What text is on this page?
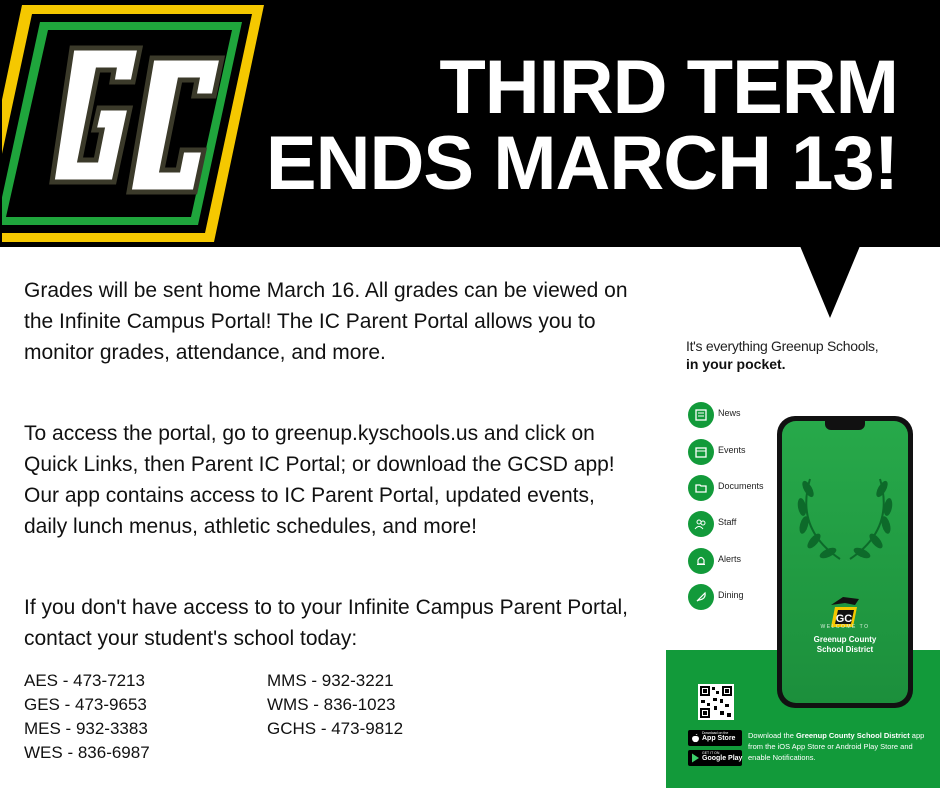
THIRD TERM
ENDS MARCH 13!

Grades will be sent home March 16. All grades can be viewed on the Infinite Campus Portal! The IC Parent Portal allows you to monitor grades, attendance, and more.

To access the portal, go to greenup.kyschools.us and click on Quick Links, then Parent IC Portal; or download the GCSD app! Our app contains access to IC Parent Portal, updated events, daily lunch menus, athletic schedules, and more!

If you don't have access to to your Infinite Campus Parent Portal, contact your student's school today:

AES - 473-7213
GES - 473-9653
MES - 932-3383
WES - 836-6987
MMS - 932-3221
WMS - 836-1023
GCHS - 473-9812
It's everything Greenup Schools,
in your pocket.
News
Events
Documents
Staff
Alerts
Dining
GC
WELCOME TO
Greenup County
School District
Download on the
App Store
GET IT ON
Google Play
Download the Greenup County School District app from the iOS App Store or Android Play Store and enable Notifications.
